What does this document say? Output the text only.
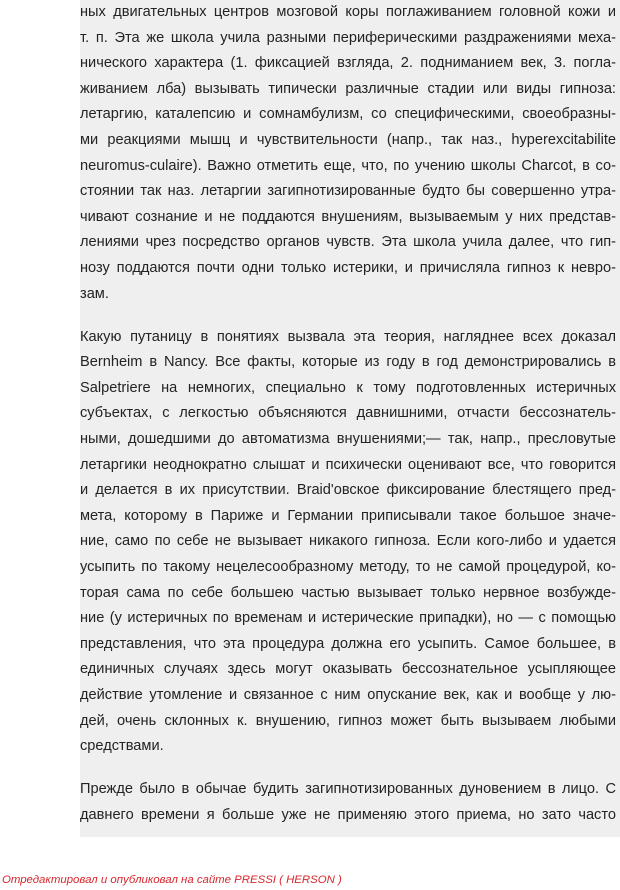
ных двигательных центров мозговой коры поглаживанием головной кожи и
т. п. Эта же школа учила разными периферическими раздражениями меха-
нического характера (1. фиксацией взгляда, 2. подниманием век, 3. погла-
живанием лба) вызывать типически различные стадии или виды гипноза:
летаргию, каталепсию и сомнамбулизм, со специфическими, своеобразны-
ми реакциями мышц и чувствительности (напр., так наз., hyperexcitabilite
neuromus-culaire). Важно отметить еще, что, по учению школы Charcot, в со-
стоянии так наз. летаргии загипнотизированные будто бы совершенно утра-
чивают сознание и не поддаются внушениям, вызываемым у них представ-
лениями чрез посредство органов чувств. Эта школа учила далее, что гип-
нозу поддаются почти одни только истерики, и причисляла гипноз к невро-
зам.
Какую путаницу в понятиях вызвала эта теория, нагляднее всех доказал
Bernheim в Nancy. Все факты, которые из году в год демонстрировались в
Salpetriere на немногих, специально к тому подготовленных истеричных
субъектах, с легкостью объясняются давнишними, отчасти бессознатель-
ными, дошедшими до автоматизма внушениями;— так, напр., пресловутые
летаргики неоднократно слышат и психически оценивают все, что говорится
и делается в их присутствии. Braid'овское фиксирование блестящего пред-
мета, которому в Париже и Германии приписывали такое большое значе-
ние, само по себе не вызывает никакого гипноза. Если кого-либо и удается
усыпить по такому нецелесообразному методу, то не самой процедурой, ко-
торая сама по себе большею частью вызывает только нервное возбужде-
ние (у истеричных по временам и истерические припадки), но — с помощью
представления, что эта процедура должна его усыпить. Самое большее, в
единичных случаях здесь могут оказывать бессознательное усыпляющее
действие утомление и связанное с ним опускание век, как и вообще у лю-
дей, очень склонных к. внушению, гипноз может быть вызываем любыми
средствами.
Прежде было в обычае будить загипнотизированных дуновением в лицо. С
давнего времени я больше уже не применяю этого приема, но зато часто
Отредактировал и опубликовал на сайте PRESSI ( HERSON )
